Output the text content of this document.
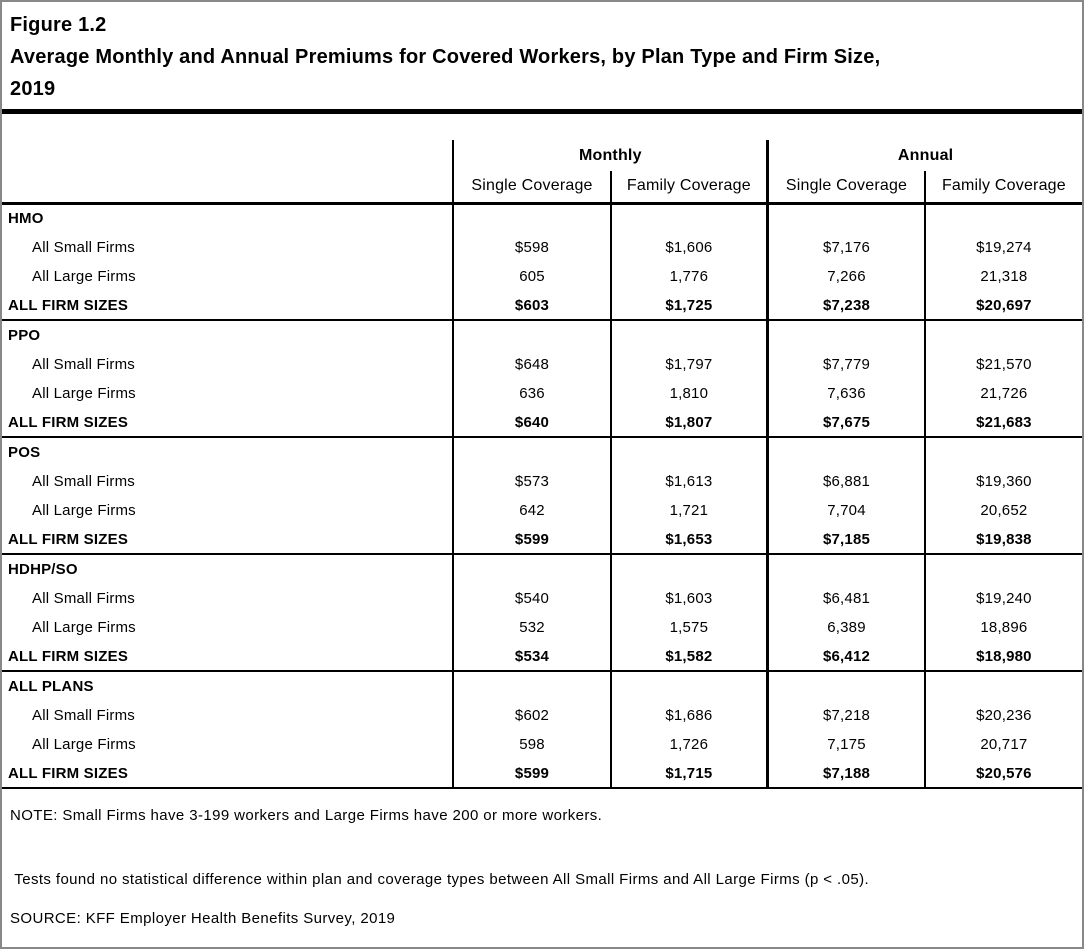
Figure 1.2
Average Monthly and Annual Premiums for Covered Workers, by Plan Type and Firm Size,
2019
	Monthly		Annual	
	Single Coverage	Family Coverage	Single Coverage	Family Coverage
HMO				
All Small Firms	$598	$1,606	$7,176	$19,274
All Large Firms	605	1,776	7,266	21,318
ALL FIRM SIZES	$603	$1,725	$7,238	$20,697
PPO				
All Small Firms	$648	$1,797	$7,779	$21,570
All Large Firms	636	1,810	7,636	21,726
ALL FIRM SIZES	$640	$1,807	$7,675	$21,683
POS				
All Small Firms	$573	$1,613	$6,881	$19,360
All Large Firms	642	1,721	7,704	20,652
ALL FIRM SIZES	$599	$1,653	$7,185	$19,838
HDHP/SO				
All Small Firms	$540	$1,603	$6,481	$19,240
All Large Firms	532	1,575	6,389	18,896
ALL FIRM SIZES	$534	$1,582	$6,412	$18,980
ALL PLANS				
All Small Firms	$602	$1,686	$7,218	$20,236
All Large Firms	598	1,726	7,175	20,717
ALL FIRM SIZES	$599	$1,715	$7,188	$20,576
NOTE: Small Firms have 3-199 workers and Large Firms have 200 or more workers.
Tests found no statistical difference within plan and coverage types between All Small Firms and All Large Firms (p < .05).
SOURCE: KFF Employer Health Benefits Survey, 2019
